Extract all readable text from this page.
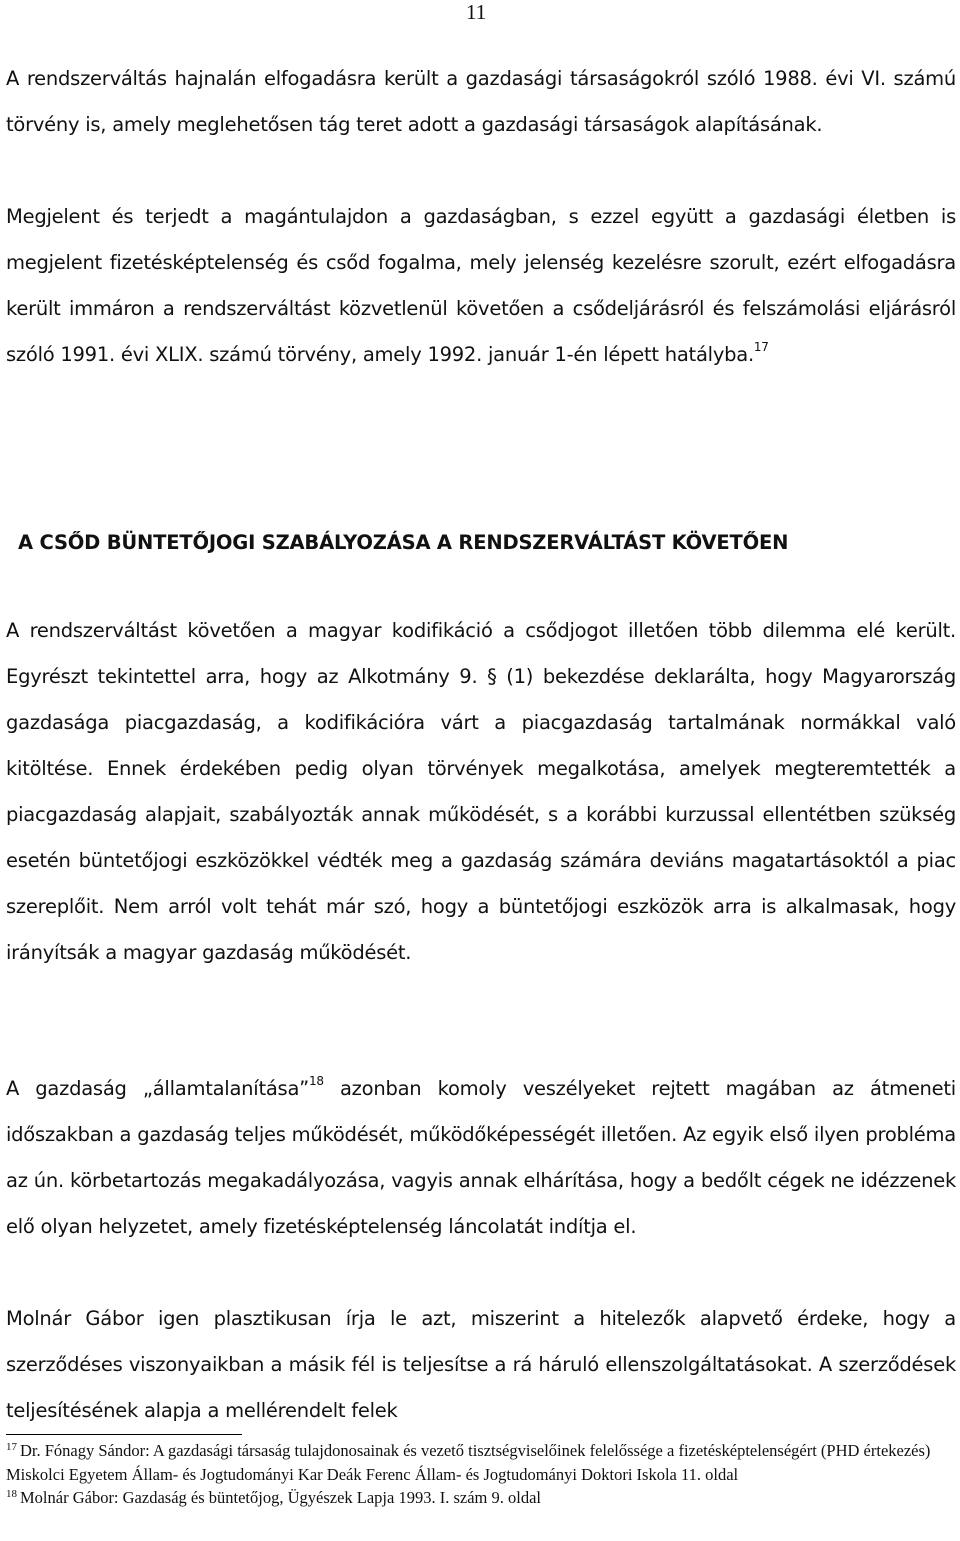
11

A rendszerváltás hajnalán elfogadásra került a gazdasági társaságokról szóló 1988. évi VI. számú törvény is, amely meglehetősen tág teret adott a gazdasági társaságok alapításának.

Megjelent és terjedt a magántulajdon a gazdaságban, s ezzel együtt a gazdasági életben is megjelent fizetésképtelenség és csőd fogalma, mely jelenség kezelésre szorult, ezért elfogadásra került immáron a rendszerváltást közvetlenül követően a csődeljárásról és felszámolási eljárásról szóló 1991. évi XLIX. számú törvény, amely 1992. január 1-én lépett hatályba.$^{17}$

A CSŐD BÜNTETŐJOGI SZABÁLYOZÁSA A RENDSZERVÁLTÁST KÖVETŐEN

A rendszerváltást követően a magyar kodifikáció a csődjogot illetően több dilemma elé került. Egyrészt tekintettel arra, hogy az Alkotmány 9. § (1) bekezdése deklarálta, hogy Magyarország gazdasága piacgazdaság, a kodifikációra várt a piacgazdaság tartalmának normákkal való kitöltése. Ennek érdekében pedig olyan törvények megalkotása, amelyek megteremtették a piacgazdaság alapjait, szabályozták annak működését, s a korábbi kurzussal ellentétben szükség esetén büntetőjogi eszközökkel védték meg a gazdaság számára deviáns magatartásoktól a piac szereplőit. Nem arról volt tehát már szó, hogy a büntetőjogi eszközök arra is alkalmasak, hogy irányítsák a magyar gazdaság működését.

A gazdaság „államtalanítása”$^{18}$ azonban komoly veszélyeket rejtett magában az átmeneti időszakban a gazdaság teljes működését, működőképességét illetően. Az egyik első ilyen probléma az ún. körbetartozás megakadályozása, vagyis annak elhárítása, hogy a bedőlt cégek ne idézzenek elő olyan helyzetet, amely fizetésképtelenség láncolatát indítja el.

Molnár Gábor igen plasztikusan írja le azt, miszerint a hitelezők alapvető érdeke, hogy a szerződéses viszonyaikban a másik fél is teljesítse a rá háruló ellenszolgáltatásokat. A szerződések teljesítésének alapja a mellérendelt felek

$^{17}$ Dr. Fónagy Sándor: A gazdasági társaság tulajdonosainak és vezető tisztségviselőinek felelőssége a fizetésképtelenségért (PHD értekezés) Miskolci Egyetem Állam- és Jogtudományi Kar Deák Ferenc Állam- és Jogtudományi Doktori Iskola 11. oldal

$^{18}$ Molnár Gábor: Gazdaság és büntetőjog, Ügyészek Lapja 1993. I. szám 9. oldal
